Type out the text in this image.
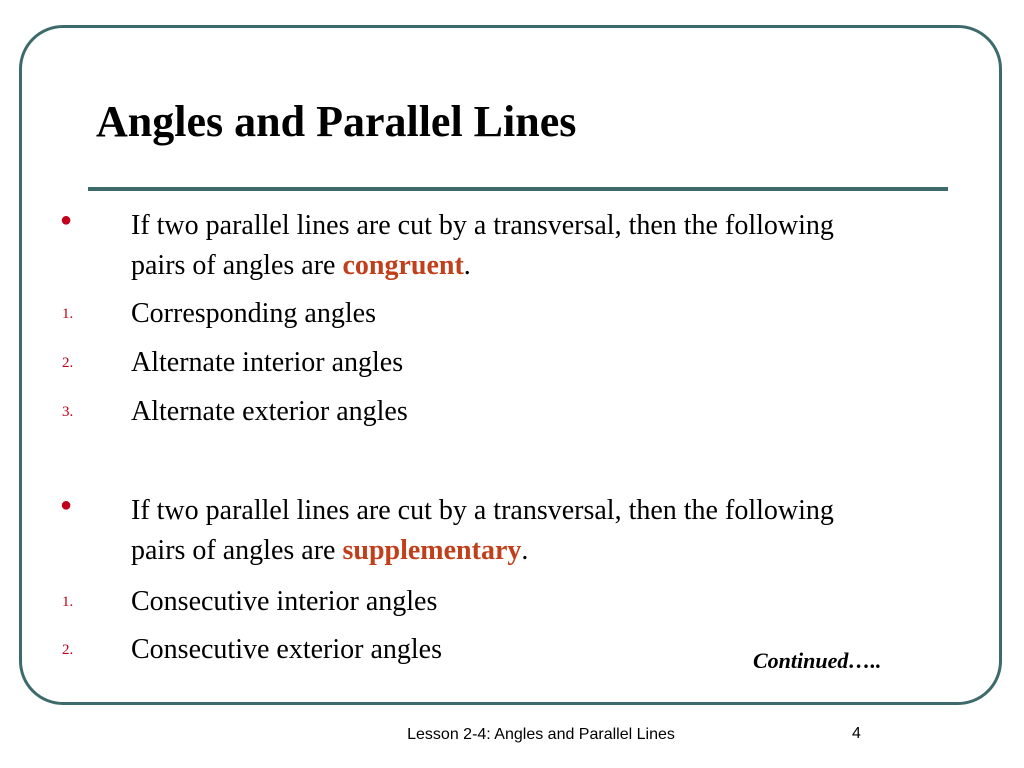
Angles and Parallel Lines
● If two parallel lines are cut by a transversal, then the following pairs of angles are congruent.
1. Corresponding angles
2. Alternate interior angles
3. Alternate exterior angles
● If two parallel lines are cut by a transversal, then the following pairs of angles are supplementary.
1. Consecutive interior angles
2. Consecutive exterior angles	Continued…..
Lesson 2-4: Angles and Parallel Lines	4
